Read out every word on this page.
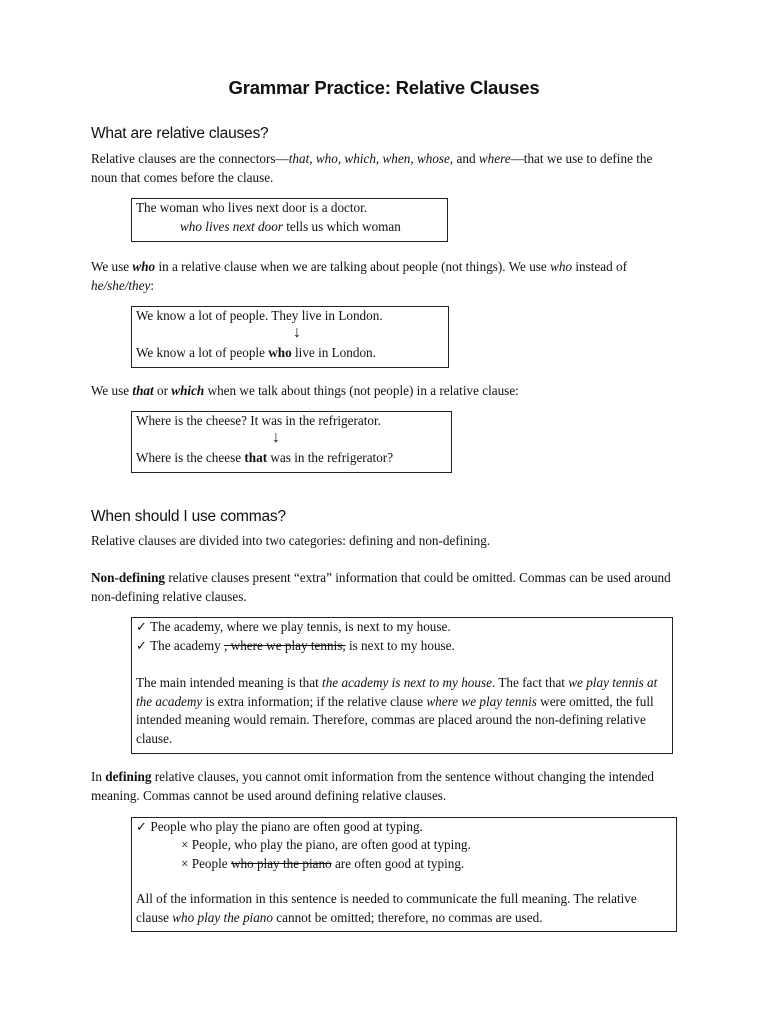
Grammar Practice: Relative Clauses
What are relative clauses?
Relative clauses are the connectors—that, who, which, when, whose, and where—that we use to define the noun that comes before the clause.
The woman who lives next door is a doctor.
who lives next door tells us which woman
We use who in a relative clause when we are talking about people (not things). We use who instead of he/she/they:
We know a lot of people. They live in London.
↓
We know a lot of people who live in London.
We use that or which when we talk about things (not people) in a relative clause:
Where is the cheese? It was in the refrigerator.
↓
Where is the cheese that was in the refrigerator?
When should I use commas?
Relative clauses are divided into two categories: defining and non-defining.
Non-defining relative clauses present “extra” information that could be omitted. Commas can be used around non-defining relative clauses.
✓ The academy, where we play tennis, is next to my house.
✓ The academy , where we play tennis, is next to my house.
The main intended meaning is that the academy is next to my house. The fact that we play tennis at the academy is extra information; if the relative clause where we play tennis were omitted, the full intended meaning would remain. Therefore, commas are placed around the non-defining relative clause.
In defining relative clauses, you cannot omit information from the sentence without changing the intended meaning. Commas cannot be used around defining relative clauses.
✓ People who play the piano are often good at typing.
× People, who play the piano, are often good at typing.
× People who play the piano are often good at typing.
All of the information in this sentence is needed to communicate the full meaning. The relative clause who play the piano cannot be omitted; therefore, no commas are used.
